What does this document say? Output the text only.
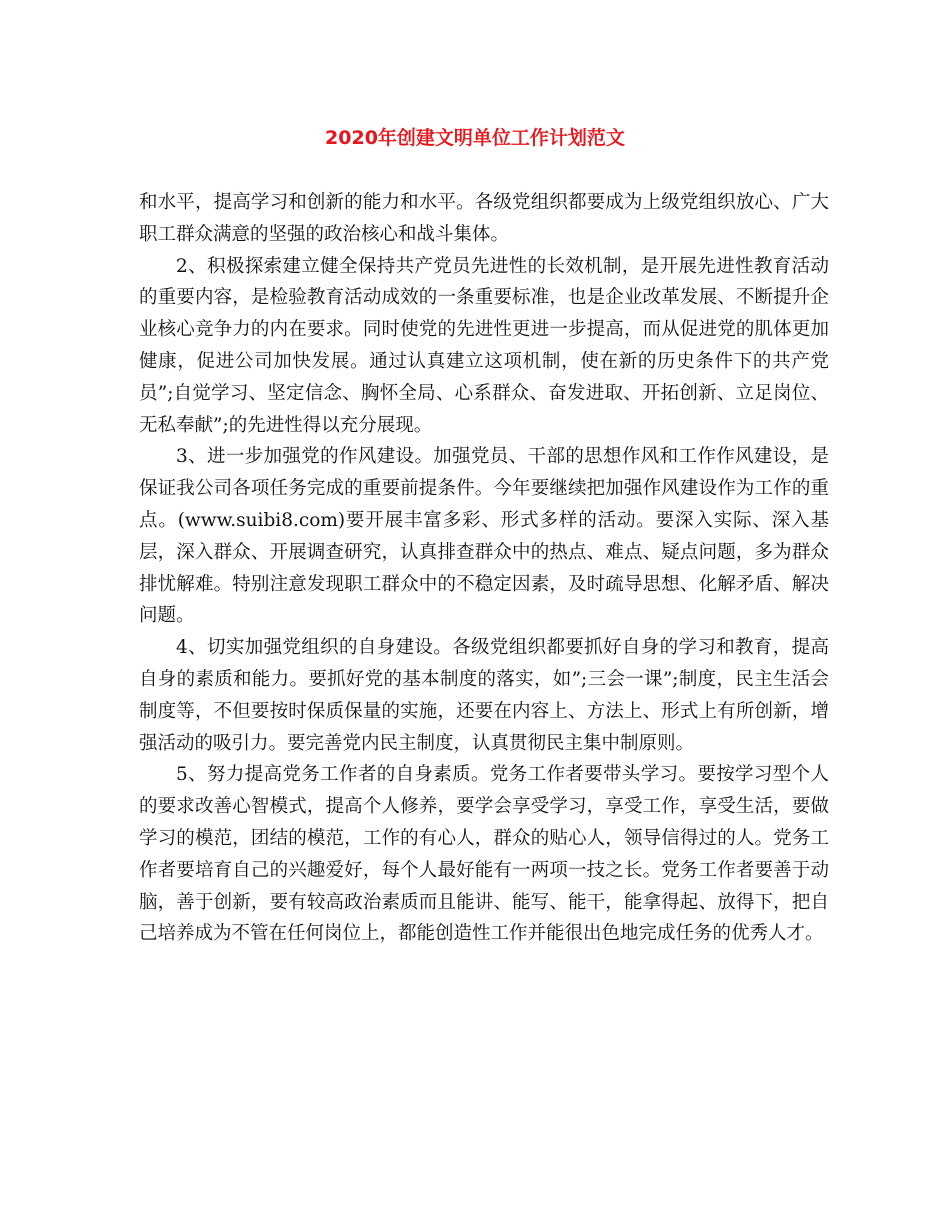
2020年创建文明单位工作计划范文

和水平，提高学习和创新的能力和水平。各级党组织都要成为上级党组织放心、广大职工群众满意的坚强的政治核心和战斗集体。

2、积极探索建立健全保持共产党员先进性的长效机制，是开展先进性教育活动的重要内容，是检验教育活动成效的一条重要标准，也是企业改革发展、不断提升企业核心竞争力的内在要求。同时使党的先进性更进一步提高，而从促进党的肌体更加健康，促进公司加快发展。通过认真建立这项机制，使在新的历史条件下的共产党员”;自觉学习、坚定信念、胸怀全局、心系群众、奋发进取、开拓创新、立足岗位、无私奉献”;的先进性得以充分展现。

3、进一步加强党的作风建设。加强党员、干部的思想作风和工作作风建设，是保证我公司各项任务完成的重要前提条件。今年要继续把加强作风建设作为工作的重点。(www.suibi8.com)要开展丰富多彩、形式多样的活动。要深入实际、深入基层，深入群众、开展调查研究，认真排查群众中的热点、难点、疑点问题，多为群众排忧解难。特别注意发现职工群众中的不稳定因素，及时疏导思想、化解矛盾、解决问题。

4、切实加强党组织的自身建设。各级党组织都要抓好自身的学习和教育，提高自身的素质和能力。要抓好党的基本制度的落实，如”;三会一课”;制度，民主生活会制度等，不但要按时保质保量的实施，还要在内容上、方法上、形式上有所创新，增强活动的吸引力。要完善党内民主制度，认真贯彻民主集中制原则。

5、努力提高党务工作者的自身素质。党务工作者要带头学习。要按学习型个人的要求改善心智模式，提高个人修养，要学会享受学习，享受工作，享受生活，要做学习的模范，团结的模范，工作的有心人，群众的贴心人，领导信得过的人。党务工作者要培育自己的兴趣爱好，每个人最好能有一两项一技之长。党务工作者要善于动脑，善于创新，要有较高政治素质而且能讲、能写、能干，能拿得起、放得下，把自己培养成为不管在任何岗位上，都能创造性工作并能很出色地完成任务的优秀人才。
